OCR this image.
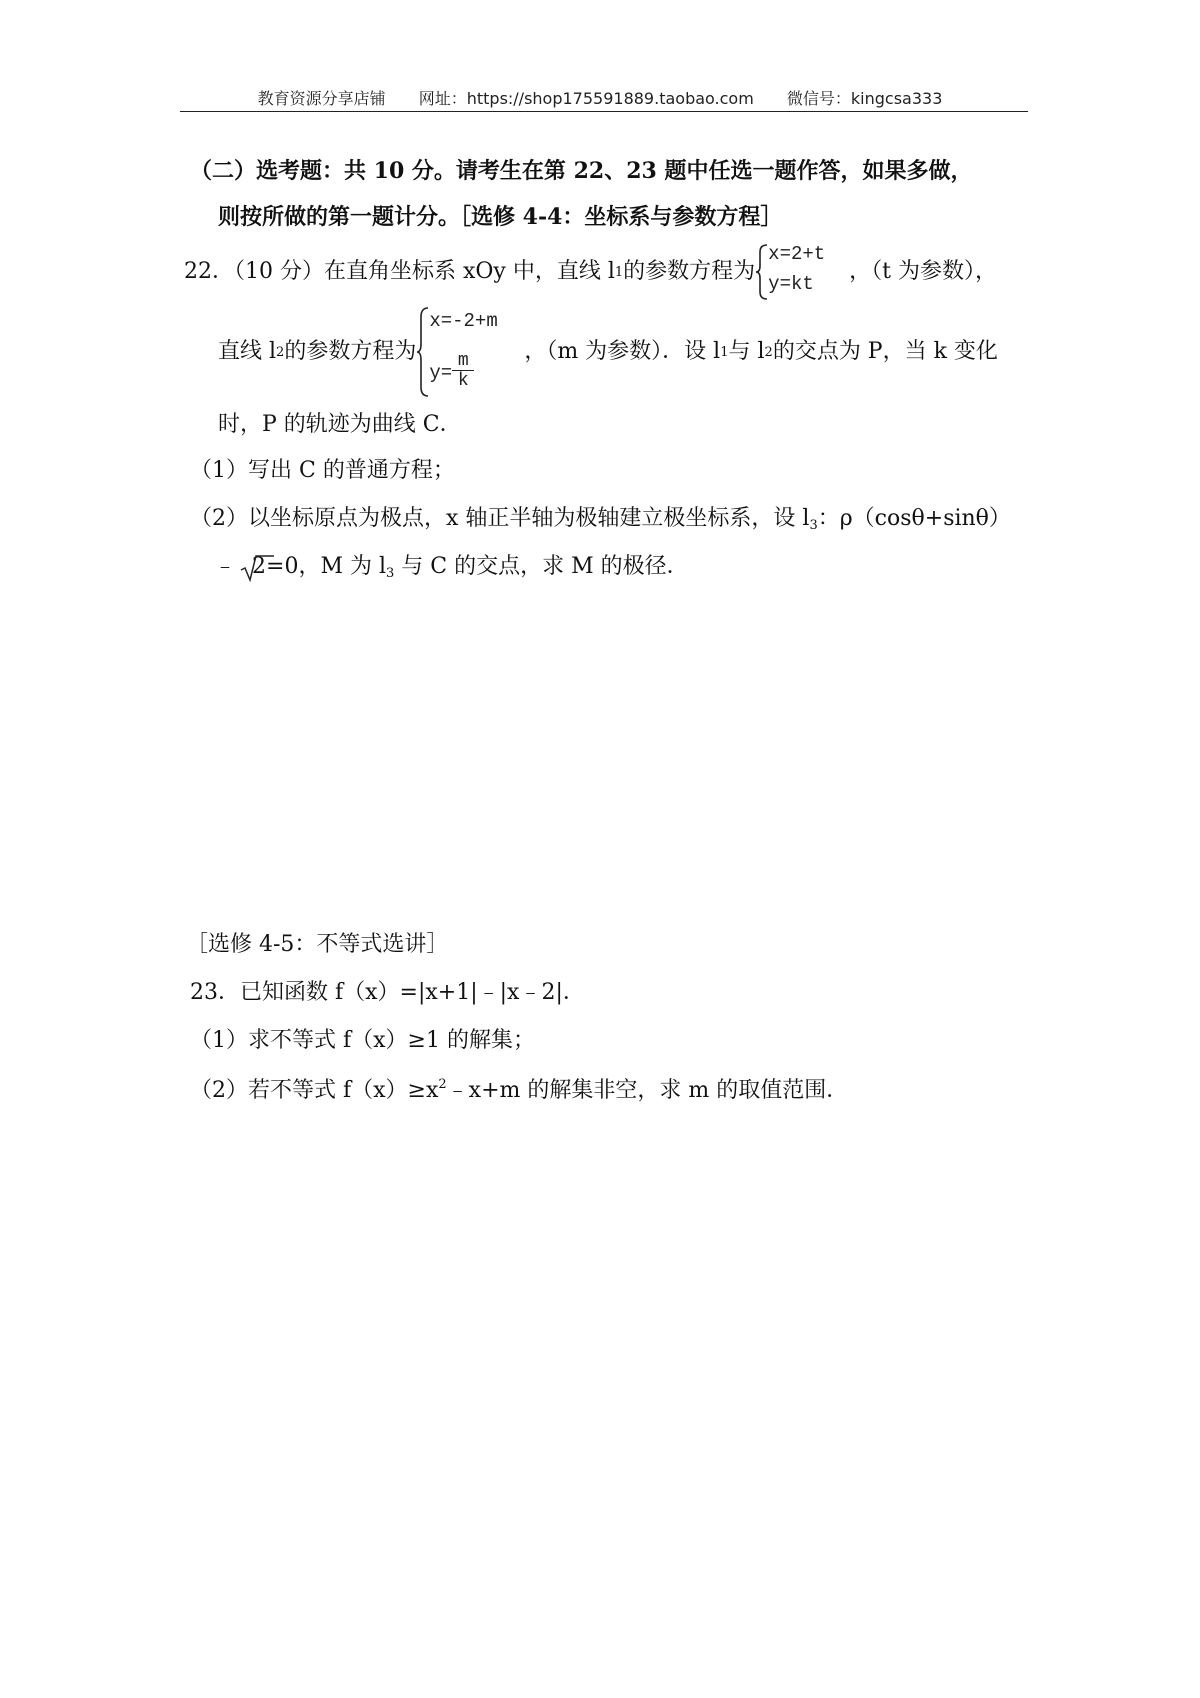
教育资源分享店铺 网址：https://shop175591889.taobao.com 微信号：kingcsa333
（二）选考题：共 10 分。请考生在第 22、23 题中任选一题作答，如果多做，
则按所做的第一题计分。［选修 4-4：坐标系与参数方程］
22．（10 分）在直角坐标系 xOy 中，直线 l 1 的参数方程为
x=2+t
y=kt ，（t 为参数），
直线 l 2 的参数方程为
x=-2+m
y=
m
k
，（m 为参数）．设 l 1 与 l 2 的交点为 P，当 k 变化
时，P 的轨迹为曲线 C．
（1）写出 C 的普通方程；
（2）以坐标原点为极点，x 轴正半轴为极轴建立极坐标系，设 $l_3$：ρ（cosθ+sinθ）
﹣ 2=0，M 为 $l_3$ 与 C 的交点，求 M 的极径．
［选修 4-5：不等式选讲］
23．已知函数 f（x）=|x+1|﹣|x﹣2|．
（1）求不等式 f（x）≥1 的解集；
（2）若不等式 $f(x)\ge x^2﹣x+m$ 的解集非空，求 m 的取值范围．
